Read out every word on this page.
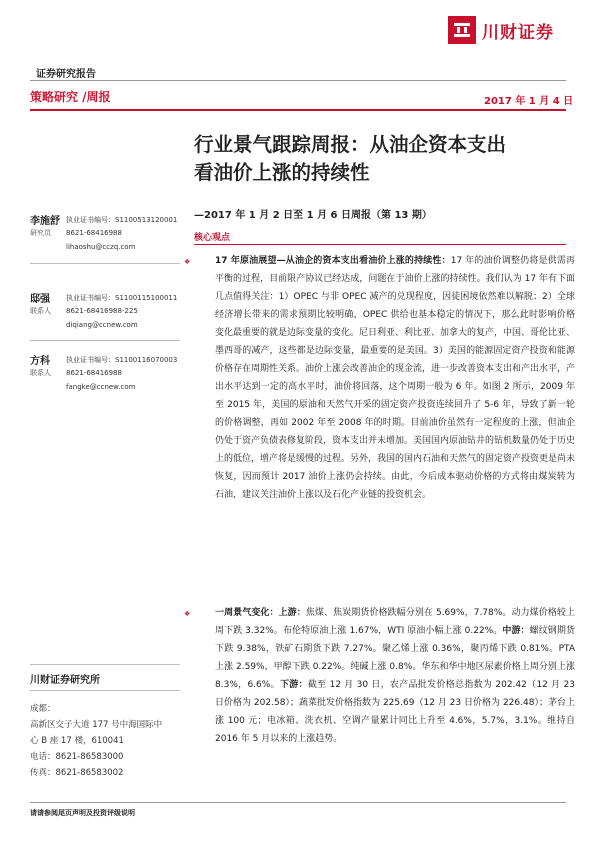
川财证券
证券研究报告
策略研究 /周报	2017 年 1 月 4 日
行业景气跟踪周报：从油企资本支出
看油价上涨的持续性
—2017 年 1 月 2 日至 1 月 6 日周报（第 13 期）
李施舒
研究员
执业证书编号：S1100513120001
8621-68416988
lihaoshu@cczq.com
邸强
联系人
执业证书编号：S1100115100011
8621-68416988-225
diqiang@ccnew.com
方科
联系人
执业证书编号：S1100116070003
8621-68416988
fangke@ccnew.com
川财证券研究所
成都：
高新区交子大道 177 号中海国际中
心 B 座 17 楼，610041
电话：8621-86583000
传真：8621-86583002
核心观点
❖	17 年原油展望—从油企的资本支出看油价上涨的持续性：17 年的油价调整仍将是供需再平衡的过程，目前限产协议已经达成，问题在于油价上涨的持续性。我们认为 17 年有下面几点值得关注：1）OPEC 与非 OPEC 减产的兑现程度，因徒困境依然难以解脱；2）全球经济增长带来的需求预期比较明确，OPEC 供给也基本稳定的情况下，那么此时影响价格变化最重要的就是边际变量的变化。尼日利亚、利比亚、加拿大的复产，中国、哥伦比亚、墨西哥的减产，这些都是边际变量，最重要的是美国。3）美国的能源固定资产投资和能源价格存在周期性关系。油价上涨会改善油企的现金流，进一步改善资本支出和产出水平，产出水平达到一定的高水平时，油价将回落，这个周期一般为 6 年。如图 2 所示，2009 年至 2015 年，美国的原油和天然气开采的固定资产投资连续回升了 5-6 年，导致了新一轮的价格调整，再如 2002 年至 2008 年的时期。目前油价虽然有一定程度的上涨，但油企仍处于资产负债表修复阶段，资本支出并未增加。美国国内原油钻井的钻机数量仍处于历史上的低位，增产将是缓慢的过程。另外，我国的国内石油和天然气的固定资产投资更是尚未恢复，因而预计 2017 油价上涨仍会持续。由此，今后成本驱动价格的方式将由煤炭转为石油，建议关注油价上涨以及石化产业链的投资机会。
❖	一周景气变化：上游：焦煤、焦炭期货价格跌幅分别在 5.69%，7.78%。动力煤价格较上周下跌 3.32%。布伦特原油上涨 1.67%，WTI 原油小幅上涨 0.22%。中游：螺纹钢期货下跌 9.38%，铁矿石期货下跌 7.27%。聚乙烯上涨 0.36%，聚丙烯下跌 0.81%。PTA 上涨 2.59%，甲醇下跌 0.22%。纯碱上涨 0.8%。华东和华中地区尿素价格上周分别上涨 8.3%，6.6%。下游：截至 12 月 30 日，农产品批发价格总指数为 202.42（12 月 23 日价格为 202.58）；蔬菜批发价格指数为 225.69（12 月 23 日价格为 226.48）；茅台上涨 100 元；电冰箱、洗衣机、空调产量累计同比上升至 4.6%，5.7%，3.1%。维持自 2016 年 5 月以来的上涨趋势。
请请参阅尾页声明及投资评级说明
